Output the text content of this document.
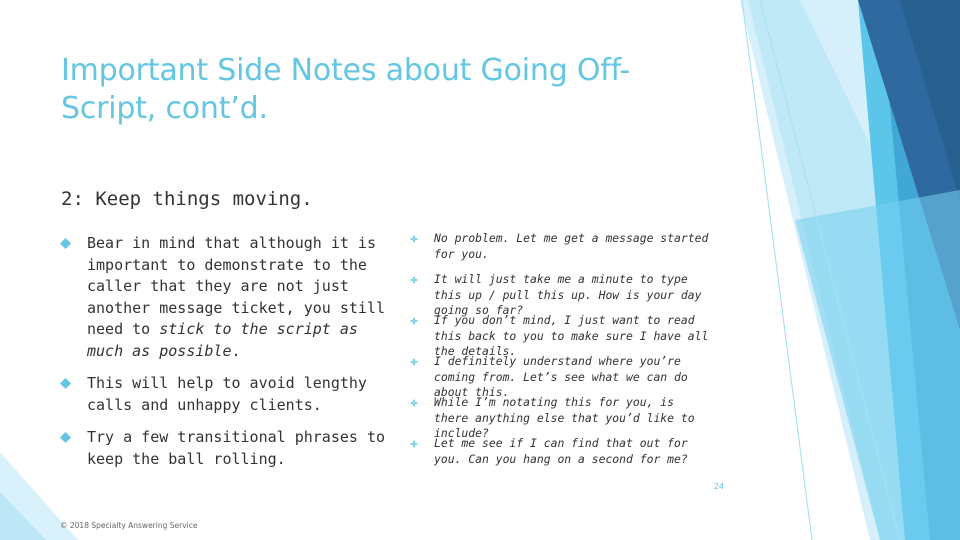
Important Side Notes about Going Off-Script, cont’d.
2: Keep things moving.
Bear in mind that although it is important to demonstrate to the caller that they are not just another message ticket, you still need to stick to the script as much as possible.
This will help to avoid lengthy calls and unhappy clients.
Try a few transitional phrases to keep the ball rolling.
No problem. Let me get a message started for you.
It will just take me a minute to type this up / pull this up. How is your day going so far?
If you don’t mind, I just want to read this back to you to make sure I have all the details.
I definitely understand where you’re coming from. Let’s see what we can do about this.
While I’m notating this for you, is there anything else that you’d like to include?
Let me see if I can find that out for you. Can you hang on a second for me?
24
© 2018 Specialty Answering Service
